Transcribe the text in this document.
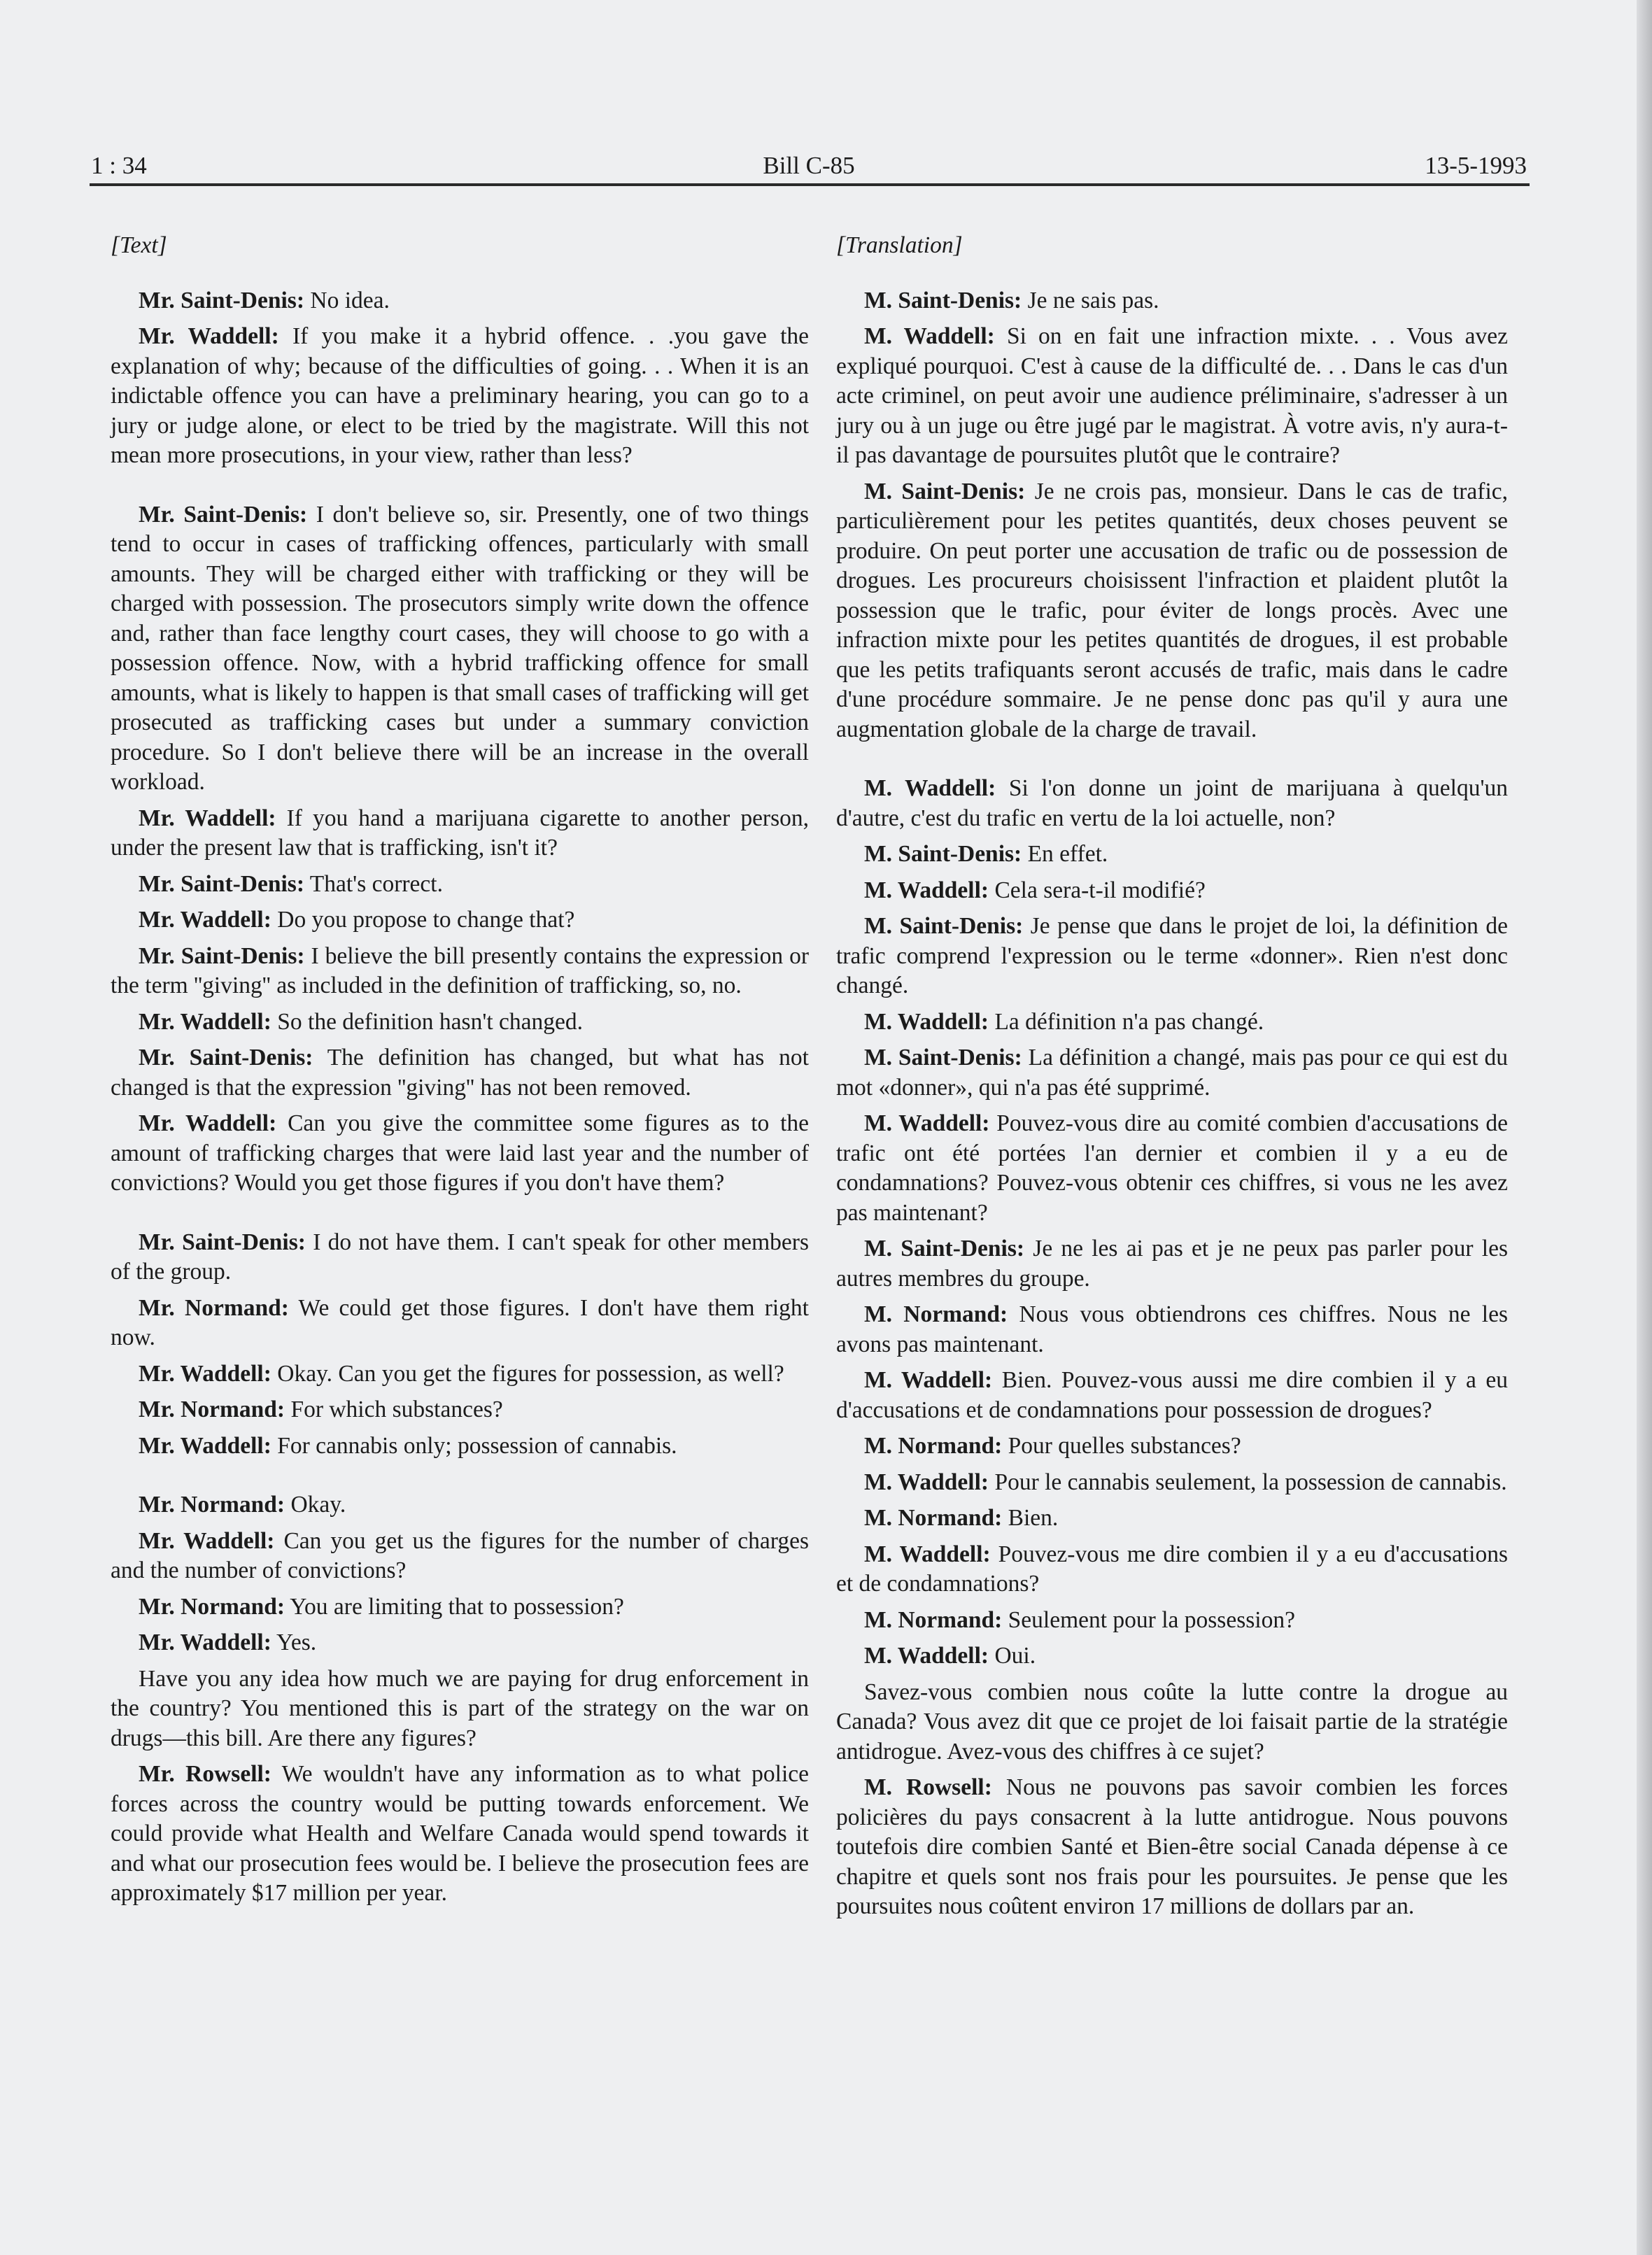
1 : 34	Bill C-85	13-5-1993
[Text]

Mr. Saint-Denis: No idea.

Mr. Waddell: If you make it a hybrid offence. . .you gave the explanation of why; because of the difficulties of going. . . When it is an indictable offence you can have a preliminary hearing, you can go to a jury or judge alone, or elect to be tried by the magistrate. Will this not mean more prosecutions, in your view, rather than less?

Mr. Saint-Denis: I don't believe so, sir. Presently, one of two things tend to occur in cases of trafficking offences, particularly with small amounts. They will be charged either with trafficking or they will be charged with possession. The prosecutors simply write down the offence and, rather than face lengthy court cases, they will choose to go with a possession offence. Now, with a hybrid trafficking offence for small amounts, what is likely to happen is that small cases of trafficking will get prosecuted as trafficking cases but under a summary conviction procedure. So I don't believe there will be an increase in the overall workload.

Mr. Waddell: If you hand a marijuana cigarette to another person, under the present law that is trafficking, isn't it?

Mr. Saint-Denis: That's correct.

Mr. Waddell: Do you propose to change that?

Mr. Saint-Denis: I believe the bill presently contains the expression or the term ''giving'' as included in the definition of trafficking, so, no.

Mr. Waddell: So the definition hasn't changed.

Mr. Saint-Denis: The definition has changed, but what has not changed is that the expression ''giving'' has not been removed.

Mr. Waddell: Can you give the committee some figures as to the amount of trafficking charges that were laid last year and the number of convictions? Would you get those figures if you don't have them?

Mr. Saint-Denis: I do not have them. I can't speak for other members of the group.

Mr. Normand: We could get those figures. I don't have them right now.

Mr. Waddell: Okay. Can you get the figures for possession, as well?

Mr. Normand: For which substances?

Mr. Waddell: For cannabis only; possession of cannabis.

Mr. Normand: Okay.

Mr. Waddell: Can you get us the figures for the number of charges and the number of convictions?

Mr. Normand: You are limiting that to possession?

Mr. Waddell: Yes.

Have you any idea how much we are paying for drug enforcement in the country? You mentioned this is part of the strategy on the war on drugs—this bill. Are there any figures?

Mr. Rowsell: We wouldn't have any information as to what police forces across the country would be putting towards enforcement. We could provide what Health and Welfare Canada would spend towards it and what our prosecution fees would be. I believe the prosecution fees are approximately $17 million per year.

[Translation]

M. Saint-Denis: Je ne sais pas.

M. Waddell: Si on en fait une infraction mixte. . . Vous avez expliqué pourquoi. C'est à cause de la difficulté de. . . Dans le cas d'un acte criminel, on peut avoir une audience préliminaire, s'adresser à un jury ou à un juge ou être jugé par le magistrat. À votre avis, n'y aura-t-il pas davantage de poursuites plutôt que le contraire?

M. Saint-Denis: Je ne crois pas, monsieur. Dans le cas de trafic, particulièrement pour les petites quantités, deux choses peuvent se produire. On peut porter une accusation de trafic ou de possession de drogues. Les procureurs choisissent l'infraction et plaident plutôt la possession que le trafic, pour éviter de longs procès. Avec une infraction mixte pour les petites quantités de drogues, il est probable que les petits trafiquants seront accusés de trafic, mais dans le cadre d'une procédure sommaire. Je ne pense donc pas qu'il y aura une augmentation globale de la charge de travail.

M. Waddell: Si l'on donne un joint de marijuana à quelqu'un d'autre, c'est du trafic en vertu de la loi actuelle, non?

M. Saint-Denis: En effet.

M. Waddell: Cela sera-t-il modifié?

M. Saint-Denis: Je pense que dans le projet de loi, la définition de trafic comprend l'expression ou le terme «donner». Rien n'est donc changé.

M. Waddell: La définition n'a pas changé.

M. Saint-Denis: La définition a changé, mais pas pour ce qui est du mot «donner», qui n'a pas été supprimé.

M. Waddell: Pouvez-vous dire au comité combien d'accusations de trafic ont été portées l'an dernier et combien il y a eu de condamnations? Pouvez-vous obtenir ces chiffres, si vous ne les avez pas maintenant?

M. Saint-Denis: Je ne les ai pas et je ne peux pas parler pour les autres membres du groupe.

M. Normand: Nous vous obtiendrons ces chiffres. Nous ne les avons pas maintenant.

M. Waddell: Bien. Pouvez-vous aussi me dire combien il y a eu d'accusations et de condamnations pour possession de drogues?

M. Normand: Pour quelles substances?

M. Waddell: Pour le cannabis seulement, la possession de cannabis.

M. Normand: Bien.

M. Waddell: Pouvez-vous me dire combien il y a eu d'accusations et de condamnations?

M. Normand: Seulement pour la possession?

M. Waddell: Oui.

Savez-vous combien nous coûte la lutte contre la drogue au Canada? Vous avez dit que ce projet de loi faisait partie de la stratégie antidrogue. Avez-vous des chiffres à ce sujet?

M. Rowsell: Nous ne pouvons pas savoir combien les forces policières du pays consacrent à la lutte antidrogue. Nous pouvons toutefois dire combien Santé et Bien-être social Canada dépense à ce chapitre et quels sont nos frais pour les poursuites. Je pense que les poursuites nous coûtent environ 17 millions de dollars par an.
